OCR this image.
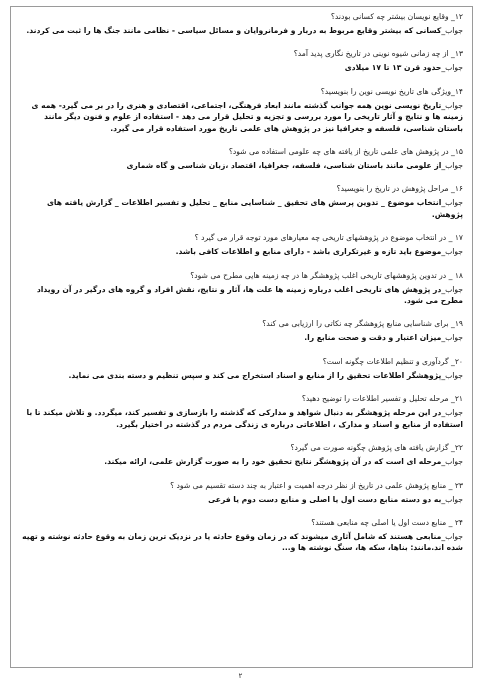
۱۲_ وقایع نویسان بیشتر چه کسانی بودند؟
جواب_کسانی که بیشتر وقایع مربوط به دربار و فرمانروایان و مسائل سیاسی - نظامی مانند جنگ ها را ثبت می کردند.
۱۳_ از چه زمانی شیوه نوینی در تاریخ نگاری پدید آمد؟
جواب_حدود قرن ۱۳ تا ۱۷ میلادی
۱۴_ویژگی های تاریخ نویسی نوین را بنویسید؟
جواب_تاریخ نویسی نوین همه جوانب گذشته مانند ابعاد فرهنگی، اجتماعی، اقتصادی و هنری را در بر می گیرد- همه ی زمینه ها و نتایج و آثار تاریخی را مورد بررسی و تجزیه و تحلیل قرار می دهد - استفاده از علوم و فنون دیگر مانند باستان شناسی، فلسفه و جغرافیا نیز در پژوهش های علمی تاریخ مورد استفاده قرار می گیرد.
۱۵_ در پژوهش های علمی تاریخ از یافته های چه علومی استفاده می شود؟
جواب_از علومی مانند باستان شناسی، فلسفه، جغرافیا، اقتصاد ،زبان شناسی و گاه شماری
۱۶_ مراحل پژوهش در تاریخ را بنویسید؟
جواب_انتخاب موضوع _ تدوین پرسش های تحقیق _ شناسایی منابع _ تحلیل و تفسیر اطلاعات _ گزارش یافته های پژوهش.
۱۷ _ در انتخاب موضوع در پژوهشهای تاریخی چه معیارهای مورد توجه قرار می گیرد ؟
جواب_موضوع باید تازه و غیرتکراری باشد - دارای منابع و اطلاعات کافی باشد.
۱۸ _ در تدوین پژوهشهای تاریخی اغلب پژوهشگر ها در چه زمینه هایی مطرح می شود؟
جواب_در پژوهش های تاریخی اغلب درباره زمینه ها علت ها، آثار و نتایج، نقش افراد و گروه های درگیر در آن رویداد مطرح می شود.
۱۹_ برای شناسایی منابع پژوهشگر چه نکاتی را ارزیابی می کند؟
جواب_میزان اعتبار و دقت و صحت منابع را.
۲۰_ گردآوری و تنظیم اطلاعات چگونه است؟
جواب_پژوهشگر اطلاعات تحقیق را از منابع و اسناد استخراج می کند و سپس تنظیم و دسته بندی می نماید.
۲۱_ مرحله تحلیل و تفسیر اطلاعات را توضیح دهید؟
جواب_در این مرحله پژوهشگر به دنبال شواهد و مدارکی که گذشته را بازسازی و تفسیر کند، میگردد. و تلاش میکند تا با استفاده از منابع و اسناد و مدارک ، اطلاعاتی درباره ی زندگی مردم در گذشته در اختیار بگیرد.
۲۲_ گزارش یافته های پژوهش چگونه صورت می گیرد؟
جواب_مرحله ای است که در آن پژوهشگر نتایج تحقیق خود را به صورت گزارش علمی، ارائه میکند.
۲۳ _ منابع پژوهش علمی در تاریخ از نظر درجه اهمیت و اعتبار به چند دسته تقسیم می شود ؟
جواب_به دو دسته منابع دست اول یا اصلی و منابع دست دوم یا فرعی
۲۴ _ منابع دست اول یا اصلی چه منابعی هستند؟
جواب_منابعی هستند که شامل آثاری میشوند که در زمان وقوع حادثه یا در نزدیک ترین زمان به وقوع حادثه نوشته و تهیه شده اند.مانند: بناها، سکه ها، سنگ نوشته ها و...
۲
